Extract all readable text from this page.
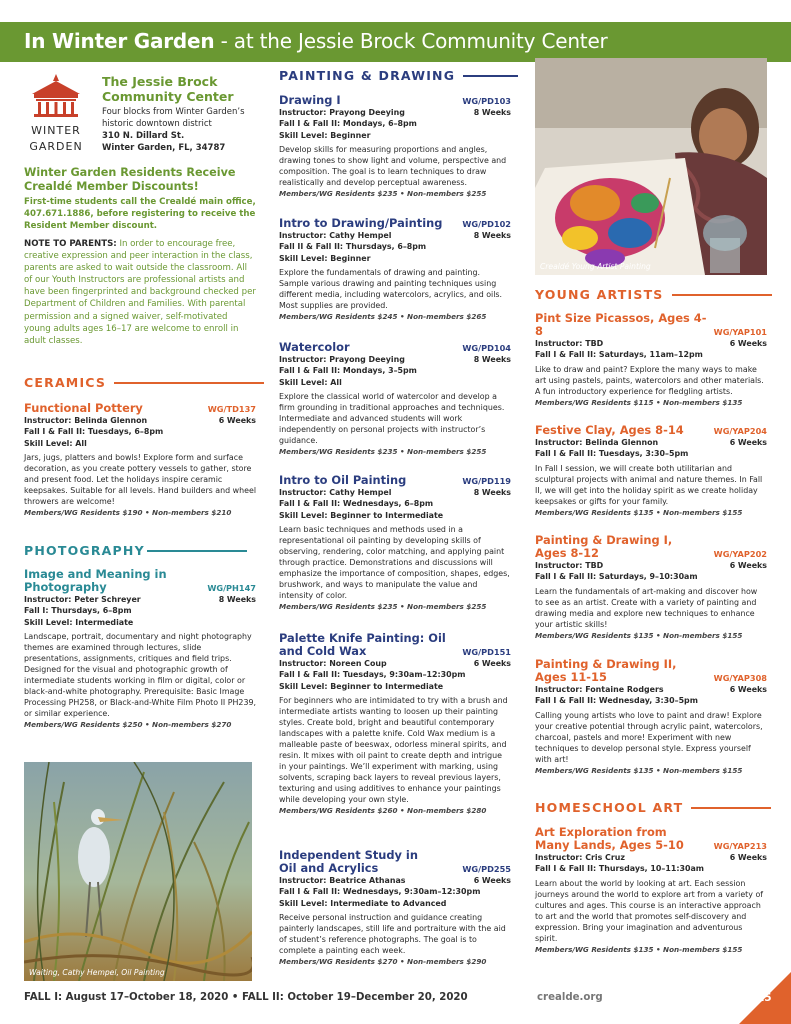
In Winter Garden - at the Jessie Brock Community Center
WINTER
GARDEN
The Jessie Brock Community Center
Four blocks from Winter Garden’s historic downtown district
310 N. Dillard St.
Winter Garden, FL, 34787
Winter Garden Residents Receive Crealdé Member Discounts!
First-time students call the Crealdé main office, 407.671.1886, before registering to receive the Resident Member discount.
NOTE TO PARENTS: In order to encourage free, creative expression and peer interaction in the class, parents are asked to wait outside the classroom. All of our Youth Instructors are professional artists and have been fingerprinted and background checked per Department of Children and Families. With parental permission and a signed waiver, self-motivated young adults ages 16–17 are welcome to enroll in adult classes.
CERAMICS
Functional Pottery	WG/TD137
Instructor: Belinda Glennon	6 Weeks
Fall I & Fall II: Tuesdays, 6–8pm
Skill Level: All
Jars, jugs, platters and bowls! Explore form and surface decoration, as you create pottery vessels to gather, store and present food. Let the holidays inspire ceramic keepsakes. Suitable for all levels. Hand builders and wheel throwers are welcome!
Members/WG Residents $190 • Non-members $210
PHOTOGRAPHY
Image and Meaning in Photography	WG/PH147
Instructor: Peter Schreyer	8 Weeks
Fall I: Thursdays, 6–8pm
Skill Level: Intermediate
Landscape, portrait, documentary and night photography themes are examined through lectures, slide presentations, assignments, critiques and field trips. Designed for the visual and photographic growth of intermediate students working in film or digital, color or black-and-white photography. Prerequisite: Basic Image Processing PH258, or Black-and-White Film Photo II PH239, or similar experience.
Members/WG Residents $250 • Non-members $270
Waiting, Cathy Hempel, Oil Painting
PAINTING & DRAWING
Drawing I	WG/PD103
Instructor: Prayong Deeying	8 Weeks
Fall I & Fall II: Mondays, 6–8pm
Skill Level: Beginner
Develop skills for measuring proportions and angles, drawing tones to show light and volume, perspective and composition. The goal is to learn techniques to draw realistically and develop perceptual awareness.
Members/WG Residents $235 • Non-members $255
Intro to Drawing/Painting WG/PD102
Instructor: Cathy Hempel	8 Weeks
Fall II & Fall II: Thursdays, 6–8pm
Skill Level: Beginner
Explore the fundamentals of drawing and painting. Sample various drawing and painting techniques using different media, including watercolors, acrylics, and oils. Most supplies are provided.
Members/WG Residents $245 • Non-members $265
Watercolor	WG/PD104
Instructor: Prayong Deeying	8 Weeks
Fall I & Fall II: Mondays, 3–5pm
Skill Level: All
Explore the classical world of watercolor and develop a firm grounding in traditional approaches and techniques. Intermediate and advanced students will work independently on personal projects with instructor’s guidance.
Members/WG Residents $235 • Non-members $255
Intro to Oil Painting	WG/PD119
Instructor: Cathy Hempel	8 Weeks
Fall I & Fall II: Wednesdays, 6–8pm
Skill Level: Beginner to Intermediate
Learn basic techniques and methods used in a representational oil painting by developing skills of observing, rendering, color matching, and applying paint through practice. Demonstrations and discussions will emphasize the importance of composition, shapes, edges, brushwork, and ways to manipulate the value and intensity of color.
Members/WG Residents $235 • Non-members $255
Palette Knife Painting: Oil and Cold Wax	WG/PD151
Instructor: Noreen Coup	6 Weeks
Fall I & Fall II: Tuesdays, 9:30am–12:30pm
Skill Level: Beginner to Intermediate
For beginners who are intimidated to try with a brush and intermediate artists wanting to loosen up their painting styles. Create bold, bright and beautiful contemporary landscapes with a palette knife. Cold Wax medium is a malleable paste of beeswax, odorless mineral spirits, and resin. It mixes with oil paint to create depth and intrigue in your paintings. We’ll experiment with marking, using solvents, scraping back layers to reveal previous layers, texturing and using additives to enhance your paintings while developing your own style.
Members/WG Residents $260 • Non-members $280
Independent Study in Oil and Acrylics	WG/PD255
Instructor: Beatrice Athanas	6 Weeks
Fall I & Fall II: Wednesdays, 9:30am–12:30pm
Skill Level: Intermediate to Advanced
Receive personal instruction and guidance creating painterly landscapes, still life and portraiture with the aid of student’s reference photographs. The goal is to complete a painting each week.
Members/WG Residents $270 • Non-members $290
Crealdé Young Artist Painting
YOUNG ARTISTS
Pint Size Picassos, Ages 4-8	WG/YAP101
Instructor: TBD	6 Weeks
Fall I & Fall II: Saturdays, 11am–12pm
Like to draw and paint? Explore the many ways to make art using pastels, paints, watercolors and other materials. A fun introductory experience for fledgling artists.
Members/WG Residents $115 • Non-members $135
Festive Clay, Ages 8-14	WG/YAP204
Instructor: Belinda Glennon	6 Weeks
Fall I & Fall II: Tuesdays, 3:30–5pm
In Fall I session, we will create both utilitarian and sculptural projects with animal and nature themes. In Fall II, we will get into the holiday spirit as we create holiday keepsakes or gifts for your family.
Members/WG Residents $135 • Non-members $155
Painting & Drawing I, Ages 8-12	WG/YAP202
Instructor: TBD	6 Weeks
Fall I & Fall II: Saturdays, 9–10:30am
Learn the fundamentals of art-making and discover how to see as an artist. Create with a variety of painting and drawing media and explore new techniques to enhance your artistic skills!
Members/WG Residents $135 • Non-members $155
Painting & Drawing II, Ages 11-15	WG/YAP308
Instructor: Fontaine Rodgers	6 Weeks
Fall I & Fall II: Wednesday, 3:30–5pm
Calling young artists who love to paint and draw! Explore your creative potential through acrylic paint, watercolors, charcoal, pastels and more! Experiment with new techniques to develop personal style. Express yourself with art!
Members/WG Residents $135 • Non-members $155
HOMESCHOOL ART
Art Exploration from Many Lands, Ages 5-10	WG/YAP213
Instructor: Cris Cruz	6 Weeks
Fall I & Fall II: Thursdays, 10–11:30am
Learn about the world by looking at art. Each session journeys around the world to explore art from a variety of cultures and ages. This course is an interactive approach to art and the world that promotes self-discovery and expression. Bring your imagination and adventurous spirit.
Members/WG Residents $135 • Non-members $155
FALL I: August 17–October 18, 2020 • FALL II: October 19–December 20, 2020	crealde.org	15
